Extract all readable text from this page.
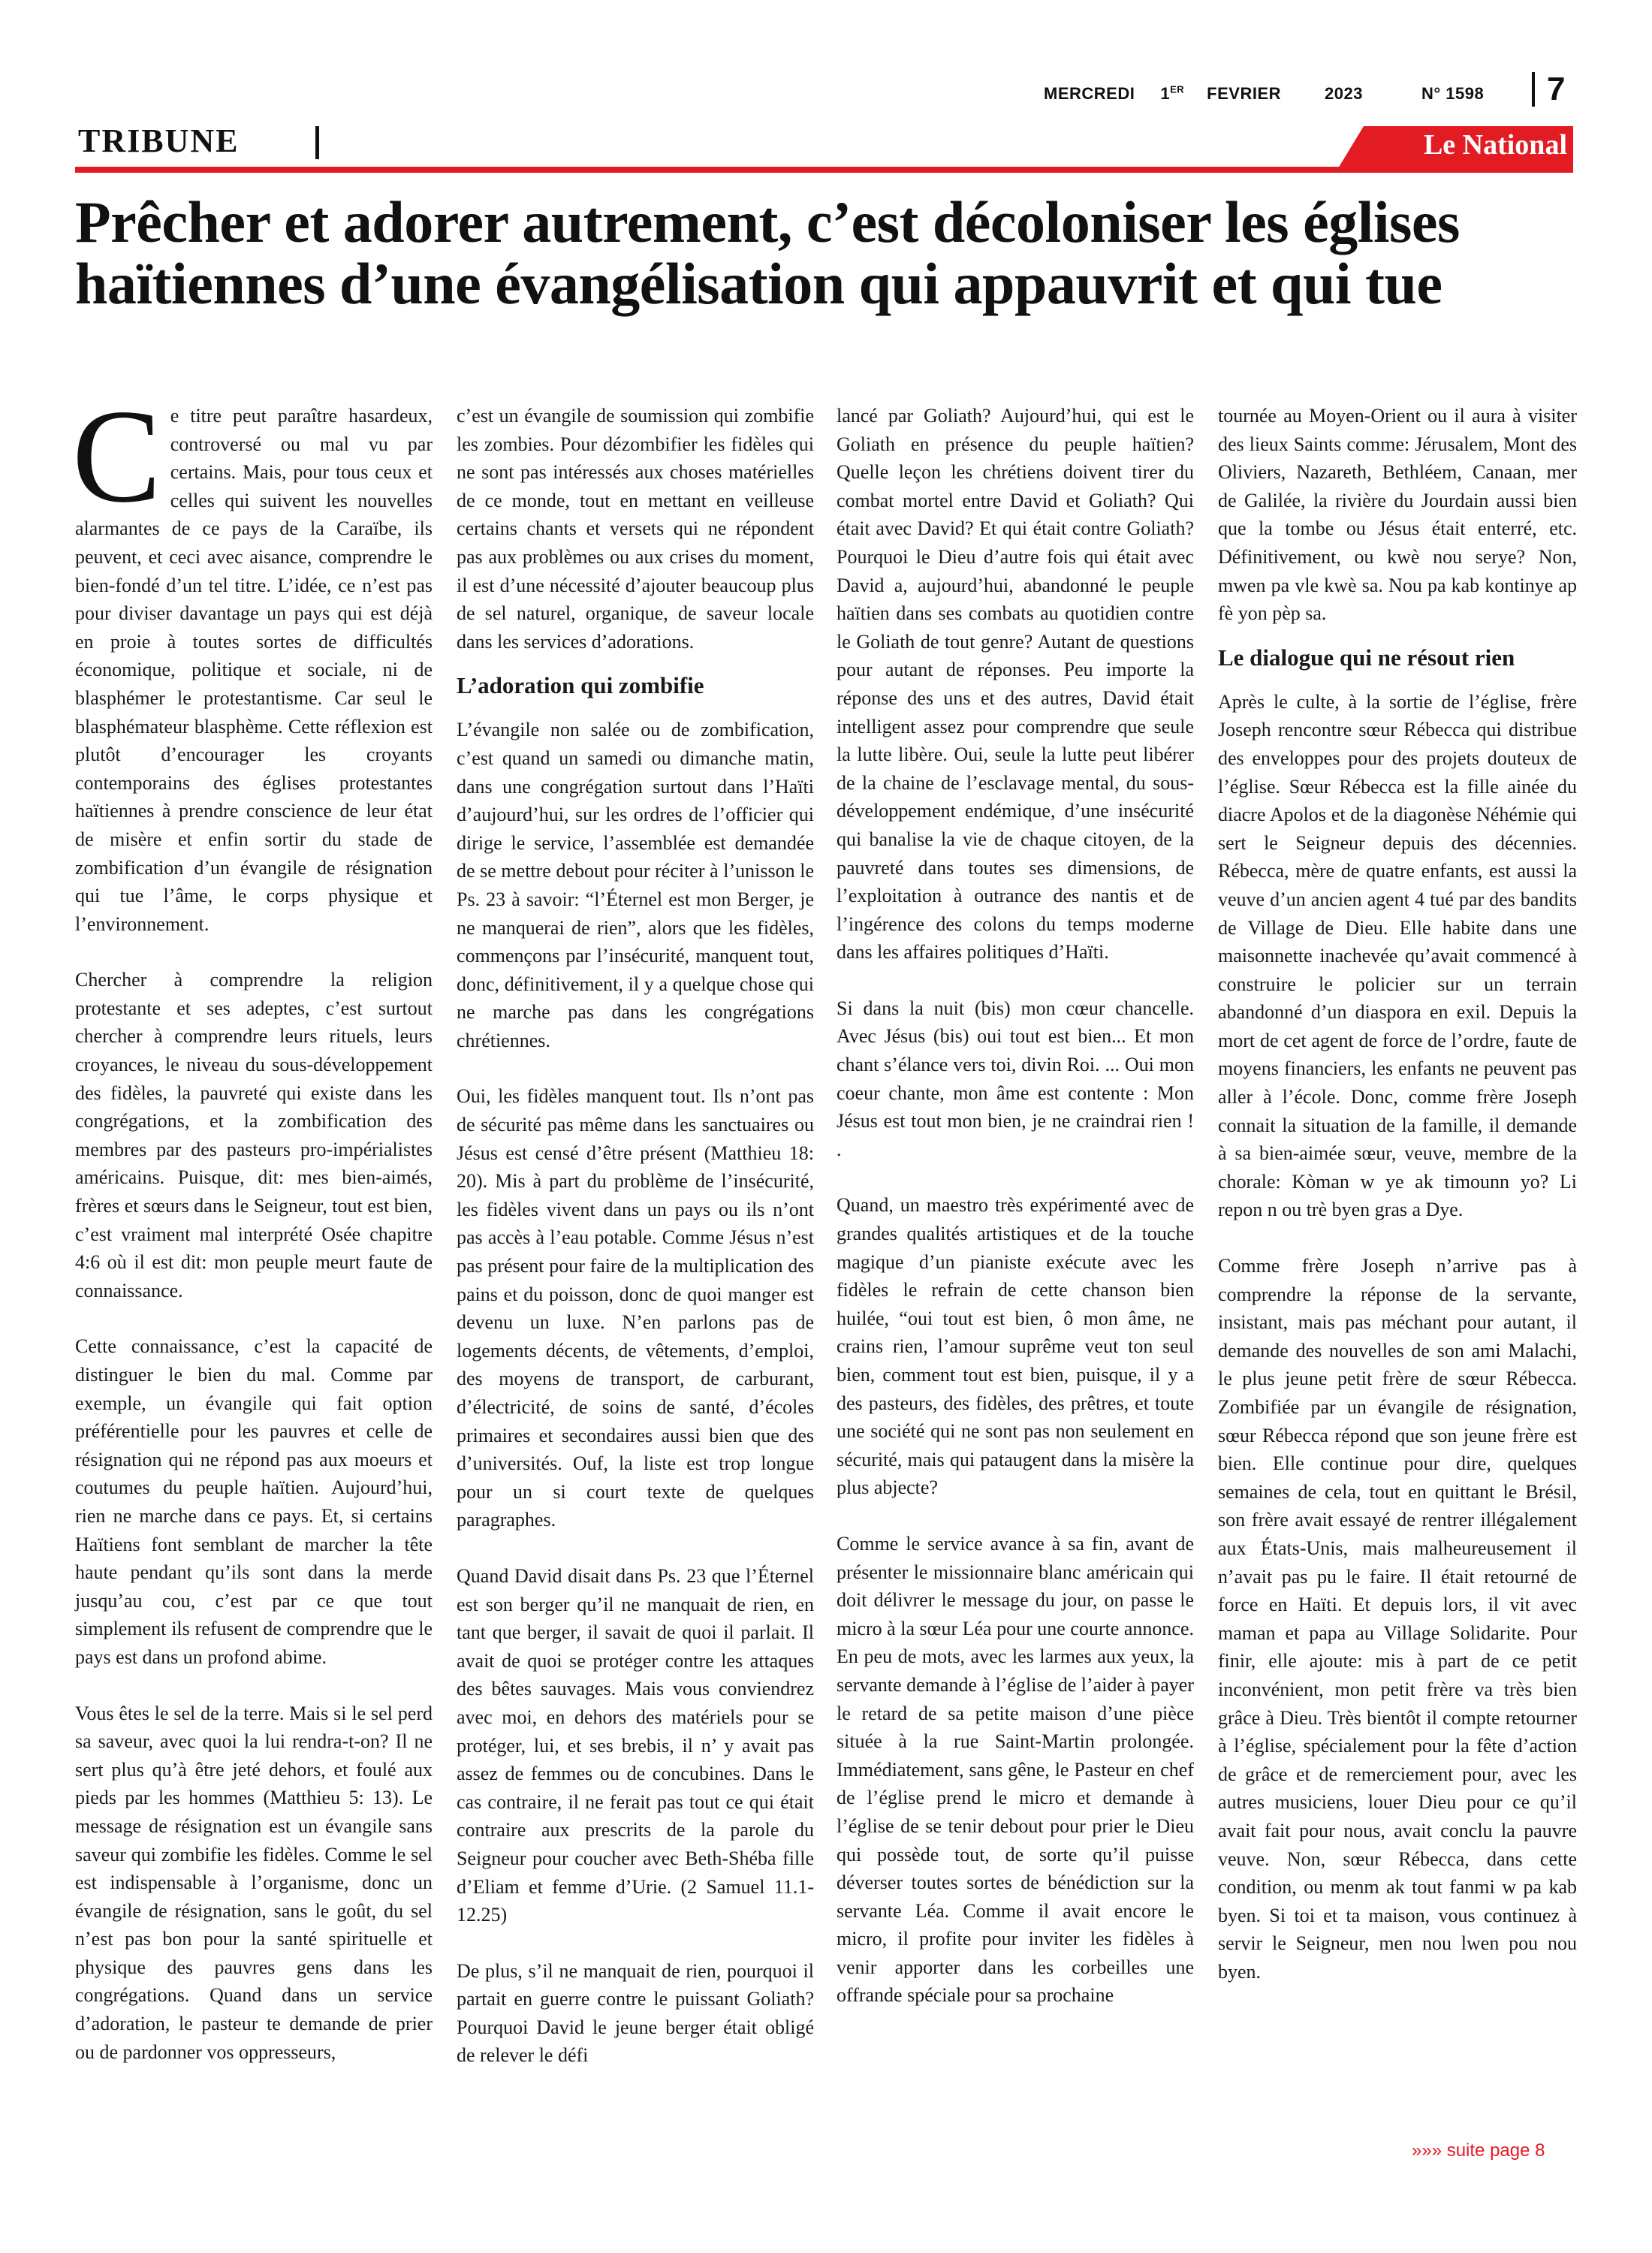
MERCREDI 1ER FEVRIER	2023	N° 1598	7
TRIBUNE	Le National
Prêcher et adorer autrement, c’est décoloniser les églises haïtiennes d’une évangélisation qui appauvrit et qui tue

Ce titre peut paraître hasardeux, controversé ou mal vu par certains. Mais, pour tous ceux et celles qui suivent les nouvelles alarmantes de ce pays de la Caraïbe, ils peuvent, et ceci avec aisance, comprendre le bien-fondé d’un tel titre. L’idée, ce n’est pas pour diviser davantage un pays qui est déjà en proie à toutes sortes de difficultés économique, politique et sociale, ni de blasphémer le protestantisme. Car seul le blasphémateur blasphème. Cette réflexion est plutôt d’encourager les croyants contemporains des églises protestantes haïtiennes à prendre conscience de leur état de misère et enfin sortir du stade de zombification d’un évangile de résignation qui tue l’âme, le corps physique et l’environnement.

Chercher à comprendre la religion protestante et ses adeptes, c’est surtout chercher à comprendre leurs rituels, leurs croyances, le niveau du sous-développement des fidèles, la pauvreté qui existe dans les congrégations, et la zombification des membres par des pasteurs pro-impérialistes américains. Puisque, dit: mes bien-aimés, frères et sœurs dans le Seigneur, tout est bien, c’est vraiment mal interprété Osée chapitre 4:6 où il est dit: mon peuple meurt faute de connaissance.

Cette connaissance, c’est la capacité de distinguer le bien du mal. Comme par exemple, un évangile qui fait option préférentielle pour les pauvres et celle de résignation qui ne répond pas aux moeurs et coutumes du peuple haïtien. Aujourd’hui, rien ne marche dans ce pays. Et, si certains Haïtiens font semblant de marcher la tête haute pendant qu’ils sont dans la merde jusqu’au cou, c’est par ce que tout simplement ils refusent de comprendre que le pays est dans un profond abime.

Vous êtes le sel de la terre. Mais si le sel perd sa saveur, avec quoi la lui rendra-t-on? Il ne sert plus qu’à être jeté dehors, et foulé aux pieds par les hommes (Matthieu 5: 13). Le message de résignation est un évangile sans saveur qui zombifie les fidèles. Comme le sel est indispensable à l’organisme, donc un évangile de résignation, sans le goût, du sel n’est pas bon pour la santé spirituelle et physique des pauvres gens dans les congrégations. Quand dans un service d’adoration, le pasteur te demande de prier ou de pardonner vos oppresseurs,

c’est un évangile de soumission qui zombifie les zombies. Pour dézombifier les fidèles qui ne sont pas intéressés aux choses matérielles de ce monde, tout en mettant en veilleuse certains chants et versets qui ne répondent pas aux problèmes ou aux crises du moment, il est d’une nécessité d’ajouter beaucoup plus de sel naturel, organique, de saveur locale dans les services d’adorations.

L’adoration qui zombifie

L’évangile non salée ou de zombification, c’est quand un samedi ou dimanche matin, dans une congrégation surtout dans l’Haïti d’aujourd’hui, sur les ordres de l’officier qui dirige le service, l’assemblée est demandée de se mettre debout pour réciter à l’unisson le Ps. 23 à savoir: “l’Éternel est mon Berger, je ne manquerai de rien”, alors que les fidèles, commençons par l’insécurité, manquent tout, donc, définitivement, il y a quelque chose qui ne marche pas dans les congrégations chrétiennes.

Oui, les fidèles manquent tout. Ils n’ont pas de sécurité pas même dans les sanctuaires ou Jésus est censé d’être présent (Matthieu 18: 20). Mis à part du problème de l’insécurité, les fidèles vivent dans un pays ou ils n’ont pas accès à l’eau potable. Comme Jésus n’est pas présent pour faire de la multiplication des pains et du poisson, donc de quoi manger est devenu un luxe. N’en parlons pas de logements décents, de vêtements, d’emploi, des moyens de transport, de carburant, d’électricité, de soins de santé, d’écoles primaires et secondaires aussi bien que des d’universités. Ouf, la liste est trop longue pour un si court texte de quelques paragraphes.

Quand David disait dans Ps. 23 que l’Éternel est son berger qu’il ne manquait de rien, en tant que berger, il savait de quoi il parlait. Il avait de quoi se protéger contre les attaques des bêtes sauvages. Mais vous conviendrez avec moi, en dehors des matériels pour se protéger, lui, et ses brebis, il n’ y avait pas assez de femmes ou de concubines. Dans le cas contraire, il ne ferait pas tout ce qui était contraire aux prescrits de la parole du Seigneur pour coucher avec Beth-Shéba fille d’Eliam et femme d’Urie. (2 Samuel 11.1-12.25)

De plus, s’il ne manquait de rien, pourquoi il partait en guerre contre le puissant Goliath? Pourquoi David le jeune berger était obligé de relever le défi

lancé par Goliath? Aujourd’hui, qui est le Goliath en présence du peuple haïtien? Quelle leçon les chrétiens doivent tirer du combat mortel entre David et Goliath? Qui était avec David? Et qui était contre Goliath? Pourquoi le Dieu d’autre fois qui était avec David a, aujourd’hui, abandonné le peuple haïtien dans ses combats au quotidien contre le Goliath de tout genre? Autant de questions pour autant de réponses. Peu importe la réponse des uns et des autres, David était intelligent assez pour comprendre que seule la lutte libère. Oui, seule la lutte peut libérer de la chaine de l’esclavage mental, du sous-développement endémique, d’une insécurité qui banalise la vie de chaque citoyen, de la pauvreté dans toutes ses dimensions, de l’exploitation à outrance des nantis et de l’ingérence des colons du temps moderne dans les affaires politiques d’Haïti.

Si dans la nuit (bis) mon cœur chancelle. Avec Jésus (bis) oui tout est bien... Et mon chant s’élance vers toi, divin Roi. ... Oui mon coeur chante, mon âme est contente : Mon Jésus est tout mon bien, je ne craindrai rien ! .

Quand, un maestro très expérimenté avec de grandes qualités artistiques et de la touche magique d’un pianiste exécute avec les fidèles le refrain de cette chanson bien huilée, “oui tout est bien, ô mon âme, ne crains rien, l’amour suprême veut ton seul bien, comment tout est bien, puisque, il y a des pasteurs, des fidèles, des prêtres, et toute une société qui ne sont pas non seulement en sécurité, mais qui pataugent dans la misère la plus abjecte?

Comme le service avance à sa fin, avant de présenter le missionnaire blanc américain qui doit délivrer le message du jour, on passe le micro à la sœur Léa pour une courte annonce. En peu de mots, avec les larmes aux yeux, la servante demande à l’église de l’aider à payer le retard de sa petite maison d’une pièce située à la rue Saint-Martin prolongée. Immédiatement, sans gêne, le Pasteur en chef de l’église prend le micro et demande à l’église de se tenir debout pour prier le Dieu qui possède tout, de sorte qu’il puisse déverser toutes sortes de bénédiction sur la servante Léa. Comme il avait encore le micro, il profite pour inviter les fidèles à venir apporter dans les corbeilles une offrande spéciale pour sa prochaine

tournée au Moyen-Orient ou il aura à visiter des lieux Saints comme: Jérusalem, Mont des Oliviers, Nazareth, Bethléem, Canaan, mer de Galilée, la rivière du Jourdain aussi bien que la tombe ou Jésus était enterré, etc. Définitivement, ou kwè nou serye? Non, mwen pa vle kwè sa. Nou pa kab kontinye ap fè yon pèp sa.

Le dialogue qui ne résout rien

Après le culte, à la sortie de l’église, frère Joseph rencontre sœur Rébecca qui distribue des enveloppes pour des projets douteux de l’église. Sœur Rébecca est la fille ainée du diacre Apolos et de la diagonèse Néhémie qui sert le Seigneur depuis des décennies. Rébecca, mère de quatre enfants, est aussi la veuve d’un ancien agent 4 tué par des bandits de Village de Dieu. Elle habite dans une maisonnette inachevée qu’avait commencé à construire le policier sur un terrain abandonné d’un diaspora en exil. Depuis la mort de cet agent de force de l’ordre, faute de moyens financiers, les enfants ne peuvent pas aller à l’école. Donc, comme frère Joseph connait la situation de la famille, il demande à sa bien-aimée sœur, veuve, membre de la chorale: Kòman w ye ak timounn yo? Li repon n ou trè byen gras a Dye.

Comme frère Joseph n’arrive pas à comprendre la réponse de la servante, insistant, mais pas méchant pour autant, il demande des nouvelles de son ami Malachi, le plus jeune petit frère de sœur Rébecca. Zombifiée par un évangile de résignation, sœur Rébecca répond que son jeune frère est bien. Elle continue pour dire, quelques semaines de cela, tout en quittant le Brésil, son frère avait essayé de rentrer illégalement aux États-Unis, mais malheureusement il n’avait pas pu le faire. Il était retourné de force en Haïti. Et depuis lors, il vit avec maman et papa au Village Solidarite. Pour finir, elle ajoute: mis à part de ce petit inconvénient, mon petit frère va très bien grâce à Dieu. Très bientôt il compte retourner à l’église, spécialement pour la fête d’action de grâce et de remerciement pour, avec les autres musiciens, louer Dieu pour ce qu’il avait fait pour nous, avait conclu la pauvre veuve. Non, sœur Rébecca, dans cette condition, ou menm ak tout fanmi w pa kab byen. Si toi et ta maison, vous continuez à servir le Seigneur, men nou lwen pou nou byen.

»»» suite page 8
